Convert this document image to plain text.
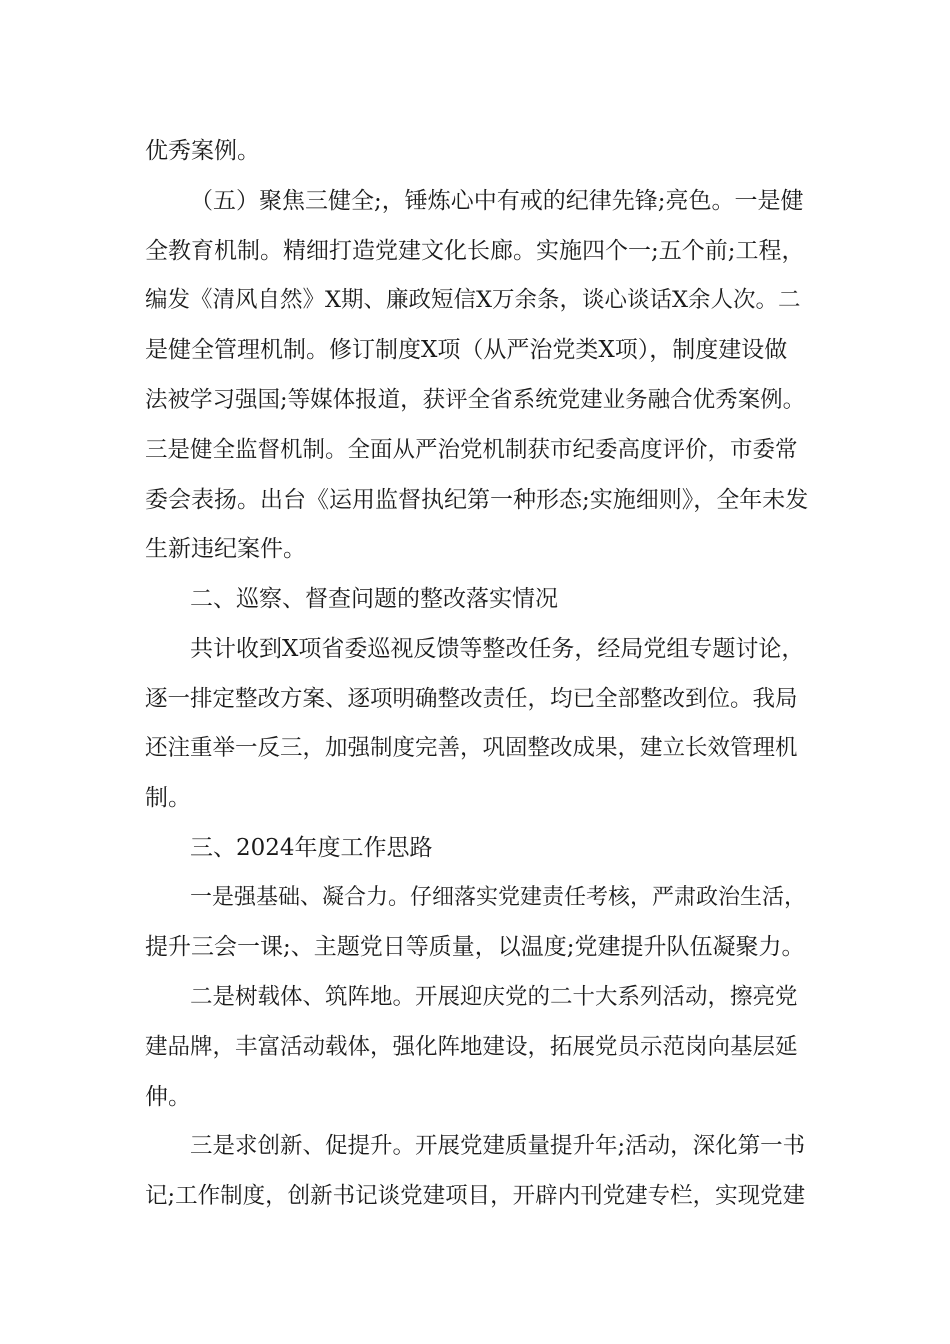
优秀案例。
（五）聚焦三健全;，锤炼心中有戒的纪律先锋;亮色。一是健
全教育机制。精细打造党建文化长廊。实施四个一;五个前;工程，
编发《清风自然》X期、廉政短信X万余条，谈心谈话X余人次。二
是健全管理机制。修订制度X项（从严治党类X项），制度建设做
法被学习强国;等媒体报道，获评全省系统党建业务融合优秀案例。
三是健全监督机制。全面从严治党机制获市纪委高度评价，市委常
委会表扬。出台《运用监督执纪第一种形态;实施细则》，全年未发
生新违纪案件。
二、巡察、督查问题的整改落实情况
共计收到X项省委巡视反馈等整改任务，经局党组专题讨论，
逐一排定整改方案、逐项明确整改责任，均已全部整改到位。我局
还注重举一反三，加强制度完善，巩固整改成果，建立长效管理机
制。
三、2024年度工作思路
一是强基础、凝合力。仔细落实党建责任考核，严肃政治生活，
提升三会一课;、主题党日等质量，以温度;党建提升队伍凝聚力。
二是树载体、筑阵地。开展迎庆党的二十大系列活动，擦亮党
建品牌，丰富活动载体，强化阵地建设，拓展党员示范岗向基层延
伸。
三是求创新、促提升。开展党建质量提升年;活动，深化第一书
记;工作制度，创新书记谈党建项目，开辟内刊党建专栏，实现党建
